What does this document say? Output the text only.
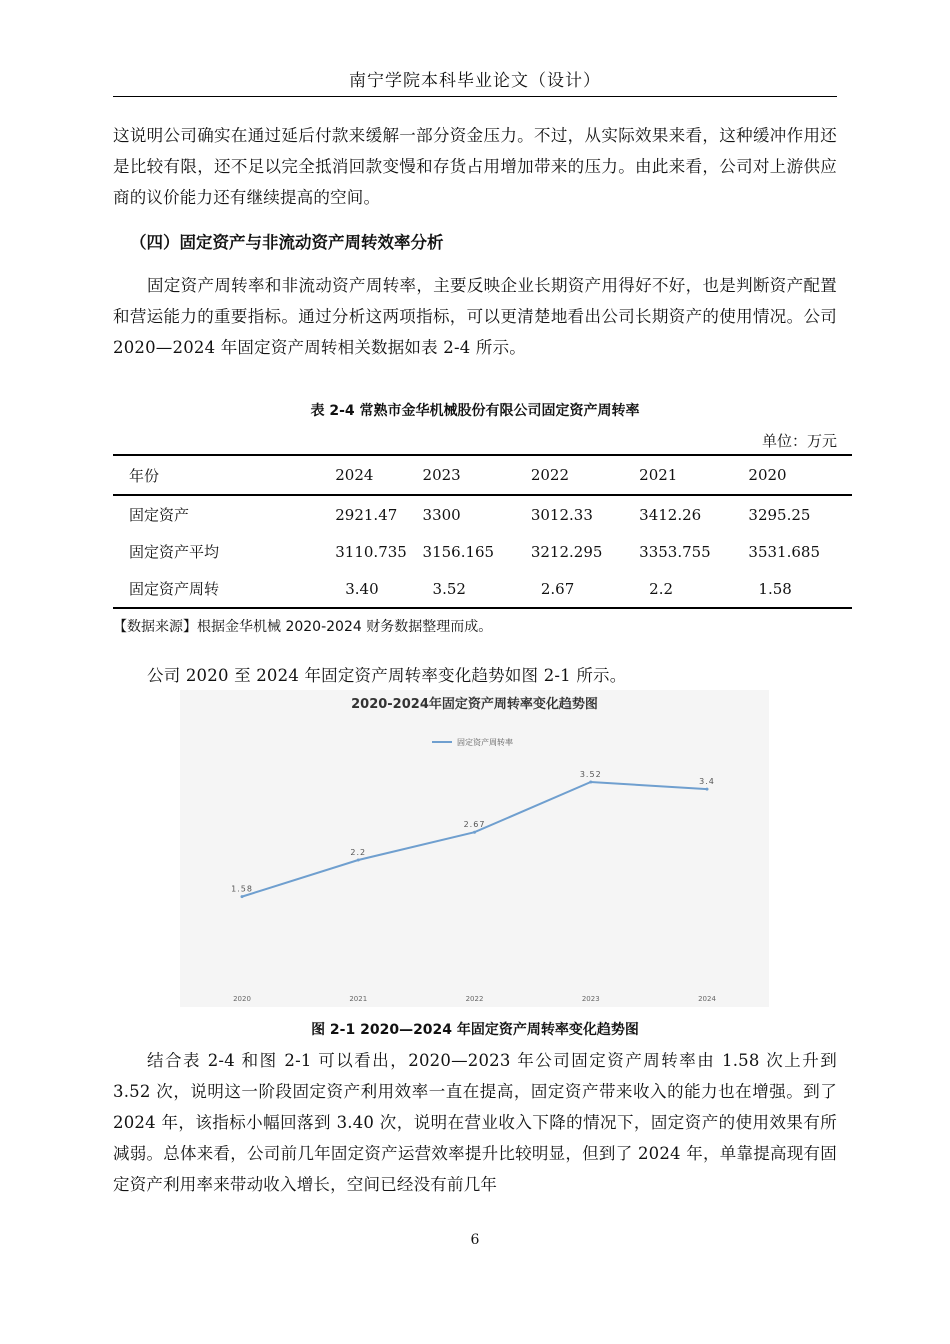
南宁学院本科毕业论文（设计）

这说明公司确实在通过延后付款来缓解一部分资金压力。不过，从实际效果来看，这种缓冲作用还是比较有限，还不足以完全抵消回款变慢和存货占用增加带来的压力。由此来看，公司对上游供应商的议价能力还有继续提高的空间。

（四）固定资产与非流动资产周转效率分析

固定资产周转率和非流动资产周转率，主要反映企业长期资产用得好不好，也是判断资产配置和营运能力的重要指标。通过分析这两项指标，可以更清楚地看出公司长期资产的使用情况。公司 2020—2024 年固定资产周转相关数据如表 2-4 所示。

表 2-4 常熟市金华机械股份有限公司固定资产周转率
单位：万元
年份	2024	2023	2022	2021	2020
固定资产	2921.47	3300	3012.33	3412.26	3295.25
固定资产平均	3110.735	3156.165	3212.295	3353.755	3531.685
固定资产周转	3.40	3.52	2.67	2.2	1.58
【数据来源】根据金华机械 2020-2024 财务数据整理而成。

公司 2020 至 2024 年固定资产周转率变化趋势如图 2-1 所示。

2020-2024年固定资产周转率变化趋势图
固定资产周转率
1.58
2.2
2.67
3.52
3.4
2020	2021	2022	2023	2024
图 2-1 2020—2024 年固定资产周转率变化趋势图

结合表 2-4 和图 2-1 可以看出，2020—2023 年公司固定资产周转率由 1.58 次上升到 3.52 次，说明这一阶段固定资产利用效率一直在提高，固定资产带来收入的能力也在增强。到了 2024 年，该指标小幅回落到 3.40 次，说明在营业收入下降的情况下，固定资产的使用效果有所减弱。总体来看，公司前几年固定资产运营效率提升比较明显，但到了 2024 年，单靠提高现有固定资产利用率来带动收入增长，空间已经没有前几年

6
